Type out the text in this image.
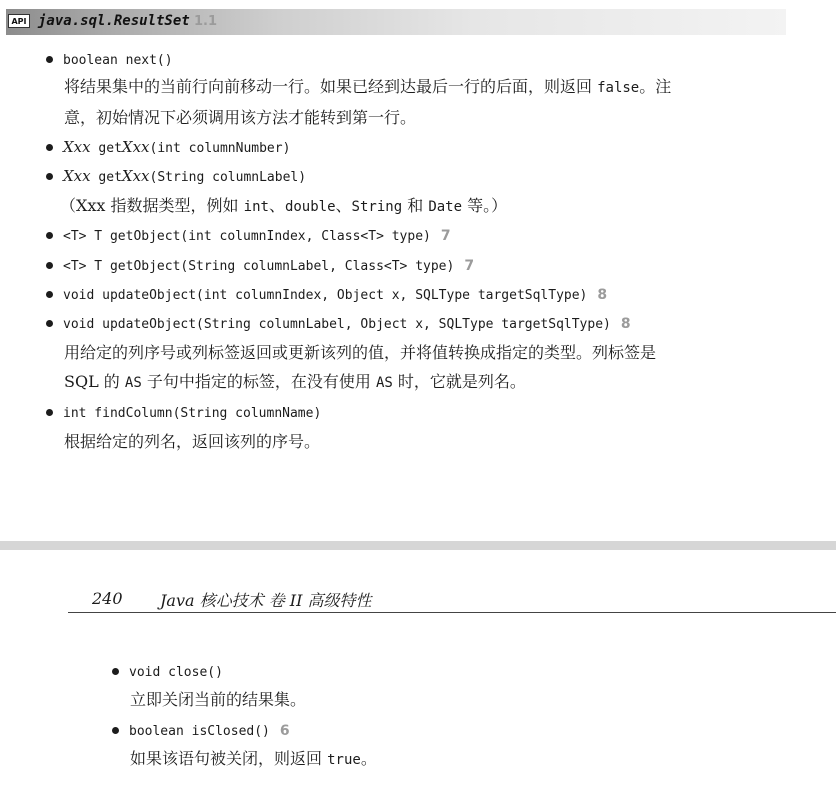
API java.sql.ResultSet 1.1
boolean next()
将结果集中的当前行向前移动一行。如果已经到达最后一行的后面，则返回 false。注
意，初始情况下必须调用该方法才能转到第一行。
Xxx getXxx(int columnNumber)
Xxx getXxx(String columnLabel)
（Xxx 指数据类型，例如 int、double、String 和 Date 等。）
<T> T getObject(int columnIndex, Class<T> type) 7
<T> T getObject(String columnLabel, Class<T> type) 7
void updateObject(int columnIndex, Object x, SQLType targetSqlType) 8
void updateObject(String columnLabel, Object x, SQLType targetSqlType) 8
用给定的列序号或列标签返回或更新该列的值，并将值转换成指定的类型。列标签是
SQL 的 AS 子句中指定的标签，在没有使用 AS 时，它就是列名。
int findColumn(String columnName)
根据给定的列名，返回该列的序号。
240 Java 核心技术 卷 II 高级特性
void close()
立即关闭当前的结果集。
boolean isClosed() 6
如果该语句被关闭，则返回 true。
